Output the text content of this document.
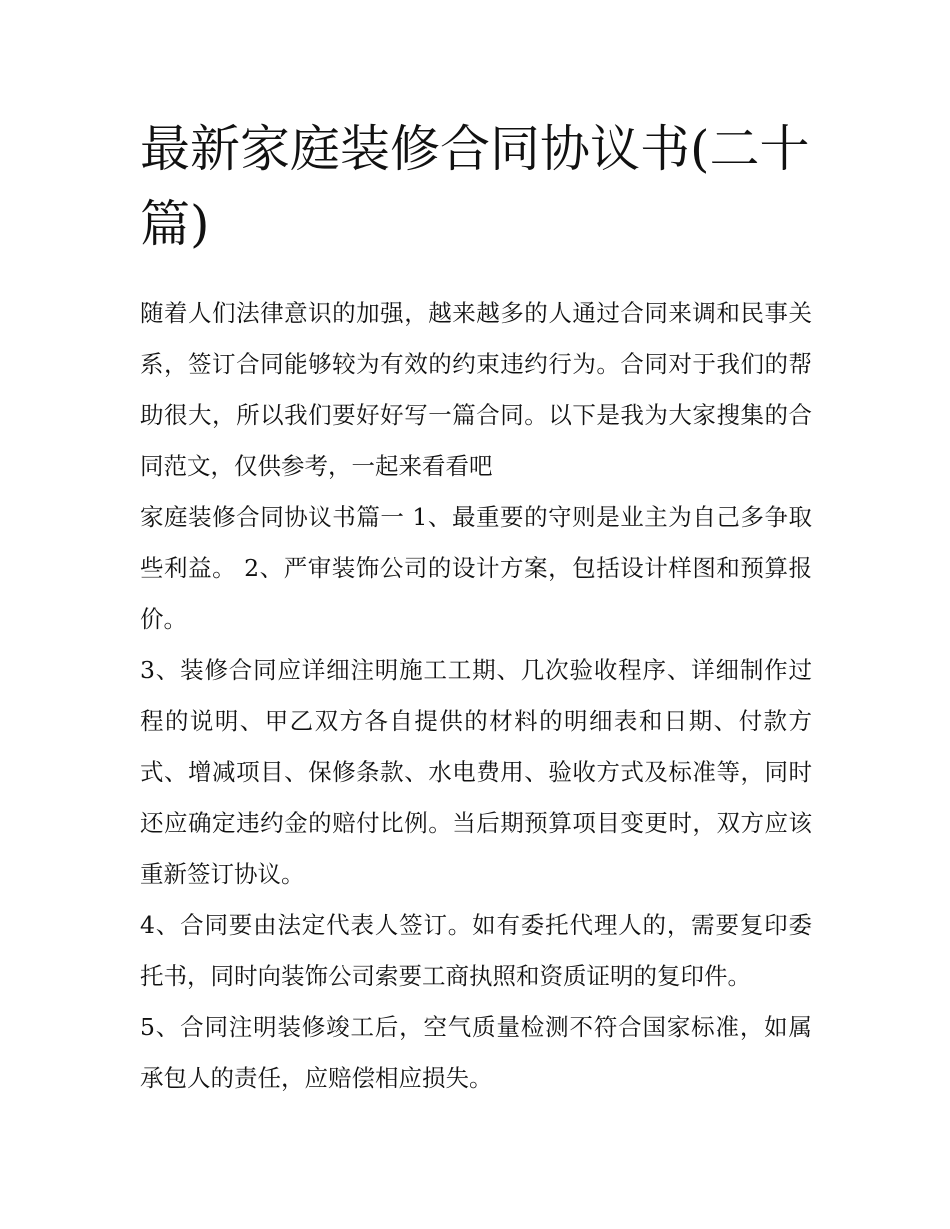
最新家庭装修合同协议书(二十篇)

随着人们法律意识的加强，越来越多的人通过合同来调和民事关系，签订合同能够较为有效的约束违约行为。合同对于我们的帮助很大，所以我们要好好写一篇合同。以下是我为大家搜集的合同范文，仅供参考，一起来看看吧

家庭装修合同协议书篇一 1、最重要的守则是业主为自己多争取些利益。 2、严审装饰公司的设计方案，包括设计样图和预算报价。

3、装修合同应详细注明施工工期、几次验收程序、详细制作过程的说明、甲乙双方各自提供的材料的明细表和日期、付款方式、增减项目、保修条款、水电费用、验收方式及标准等，同时还应确定违约金的赔付比例。当后期预算项目变更时，双方应该重新签订协议。

4、合同要由法定代表人签订。如有委托代理人的，需要复印委托书，同时向装饰公司索要工商执照和资质证明的复印件。

5、合同注明装修竣工后，空气质量检测不符合国家标准，如属承包人的责任，应赔偿相应损失。
